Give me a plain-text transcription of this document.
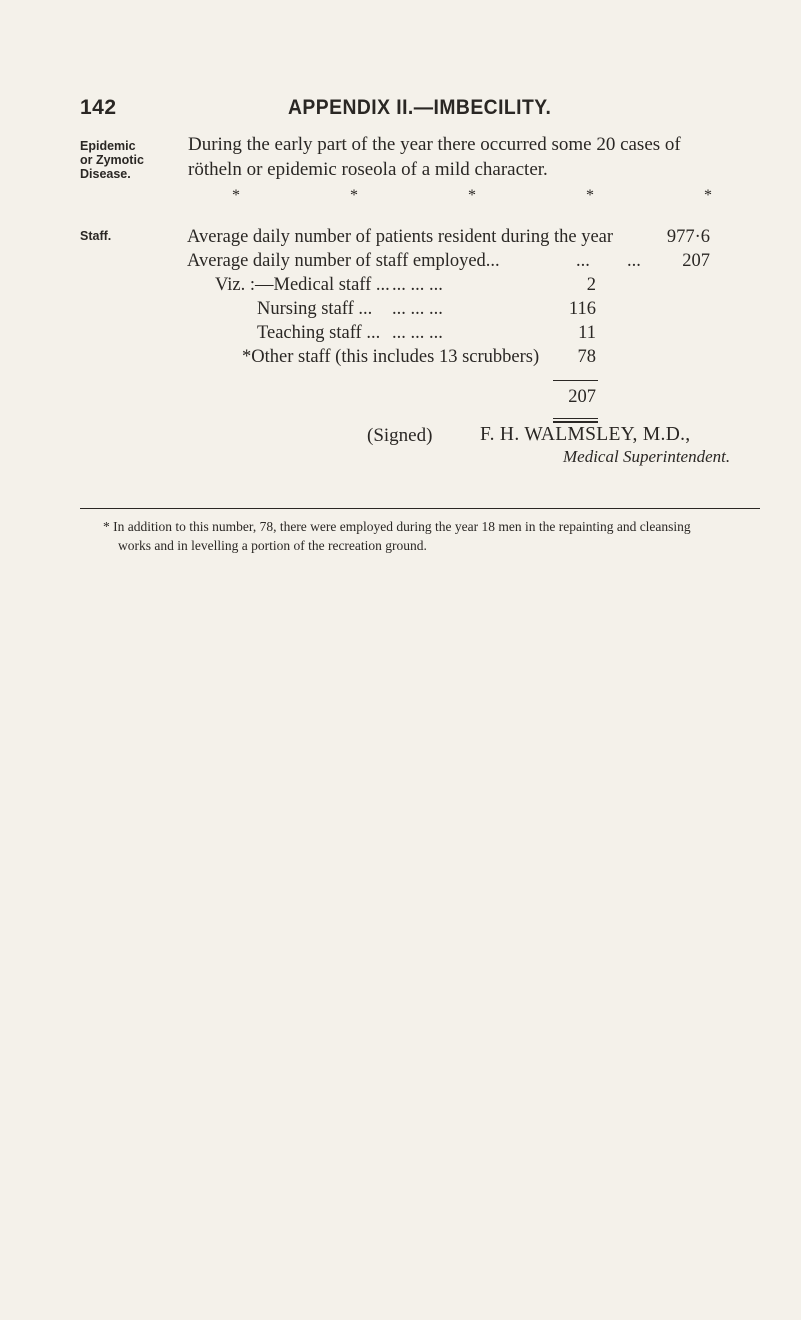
142	APPENDIX II.—IMBECILITY.
Epidemic
or Zymotic
Disease.
During the early part of the year there occurred some 20 cases of
rötheln or epidemic roseola of a mild character.
*	*	*	*	*
Staff.	Average daily number of patients resident during the year	977·6
Average daily number of staff employed...	... ...	207
Viz. :—Medical staff ... ... ... ...	2
Nursing staff ... ... ... ...	116
Teaching staff ... ... ... ...	11
*Other staff (this includes 13 scrubbers)	78
207
(Signed) F. H. WALMSLEY, M.D.,
Medical Superintendent.
* In addition to this number, 78, there were employed during the year 18 men in the repainting and cleansing
works and in levelling a portion of the recreation ground.
